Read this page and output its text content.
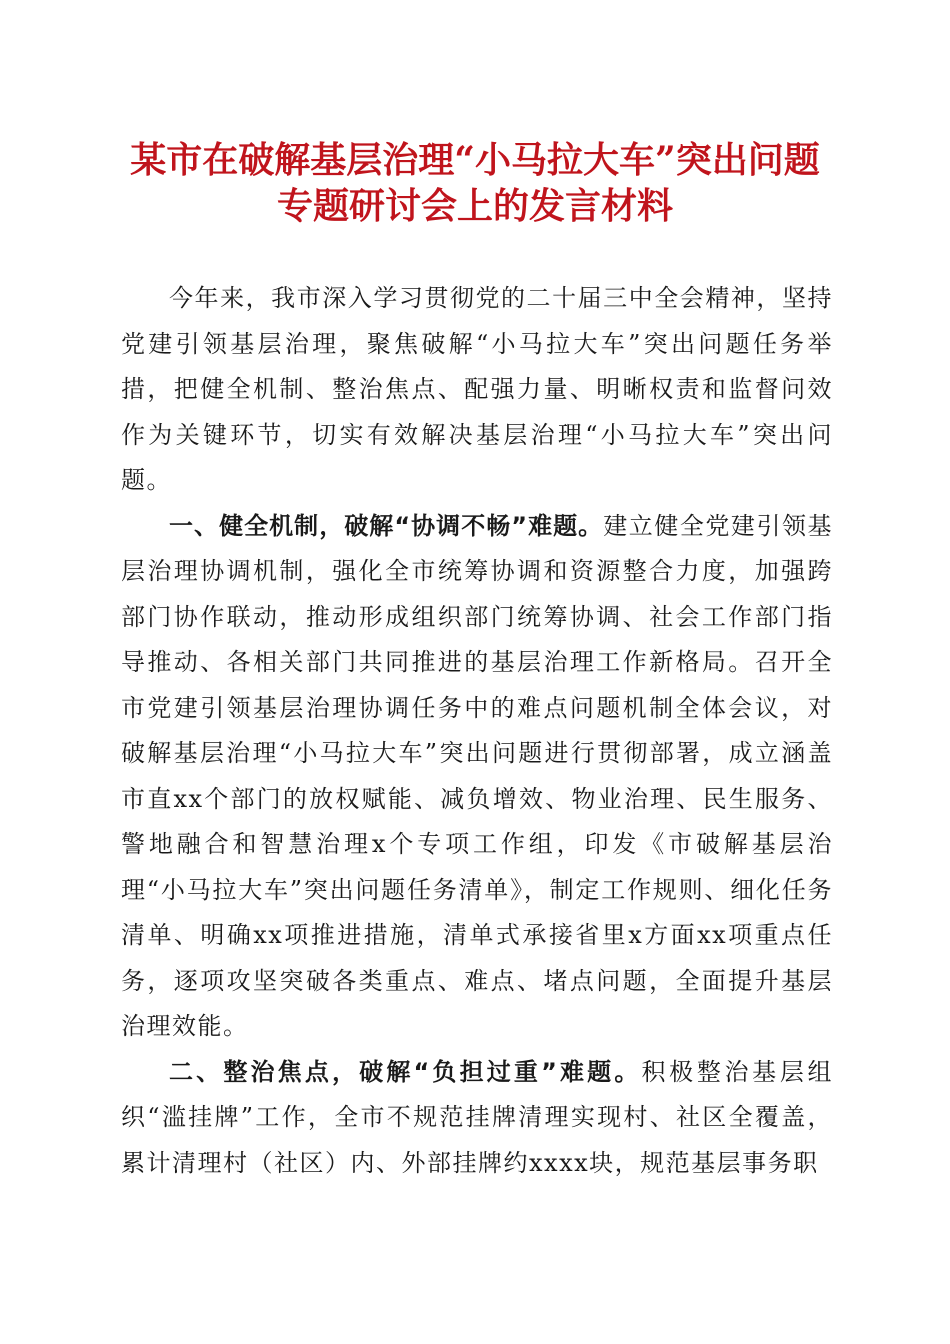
某市在破解基层治理“小马拉大车”突出问题
专题研讨会上的发言材料

今年来，我市深入学习贯彻党的二十届三中全会精神，坚持党建引领基层治理，聚焦破解“小马拉大车”突出问题任务举措，把健全机制、整治焦点、配强力量、明晰权责和监督问效作为关键环节，切实有效解决基层治理“小马拉大车”突出问题。

一、健全机制，破解“协调不畅”难题。建立健全党建引领基层治理协调机制，强化全市统筹协调和资源整合力度，加强跨部门协作联动，推动形成组织部门统筹协调、社会工作部门指导推动、各相关部门共同推进的基层治理工作新格局。召开全市党建引领基层治理协调任务中的难点问题机制全体会议，对破解基层治理“小马拉大车”突出问题进行贯彻部署，成立涵盖市直xx个部门的放权赋能、减负增效、物业治理、民生服务、警地融合和智慧治理x个专项工作组，印发《市破解基层治理“小马拉大车”突出问题任务清单》，制定工作规则、细化任务清单、明确xx项推进措施，清单式承接省里x方面xx项重点任务，逐项攻坚突破各类重点、难点、堵点问题，全面提升基层治理效能。

二、整治焦点，破解“负担过重”难题。积极整治基层组织“滥挂牌”工作，全市不规范挂牌清理实现村、社区全覆盖，累计清理村（社区）内、外部挂牌约xxxx块，规范基层事务职
